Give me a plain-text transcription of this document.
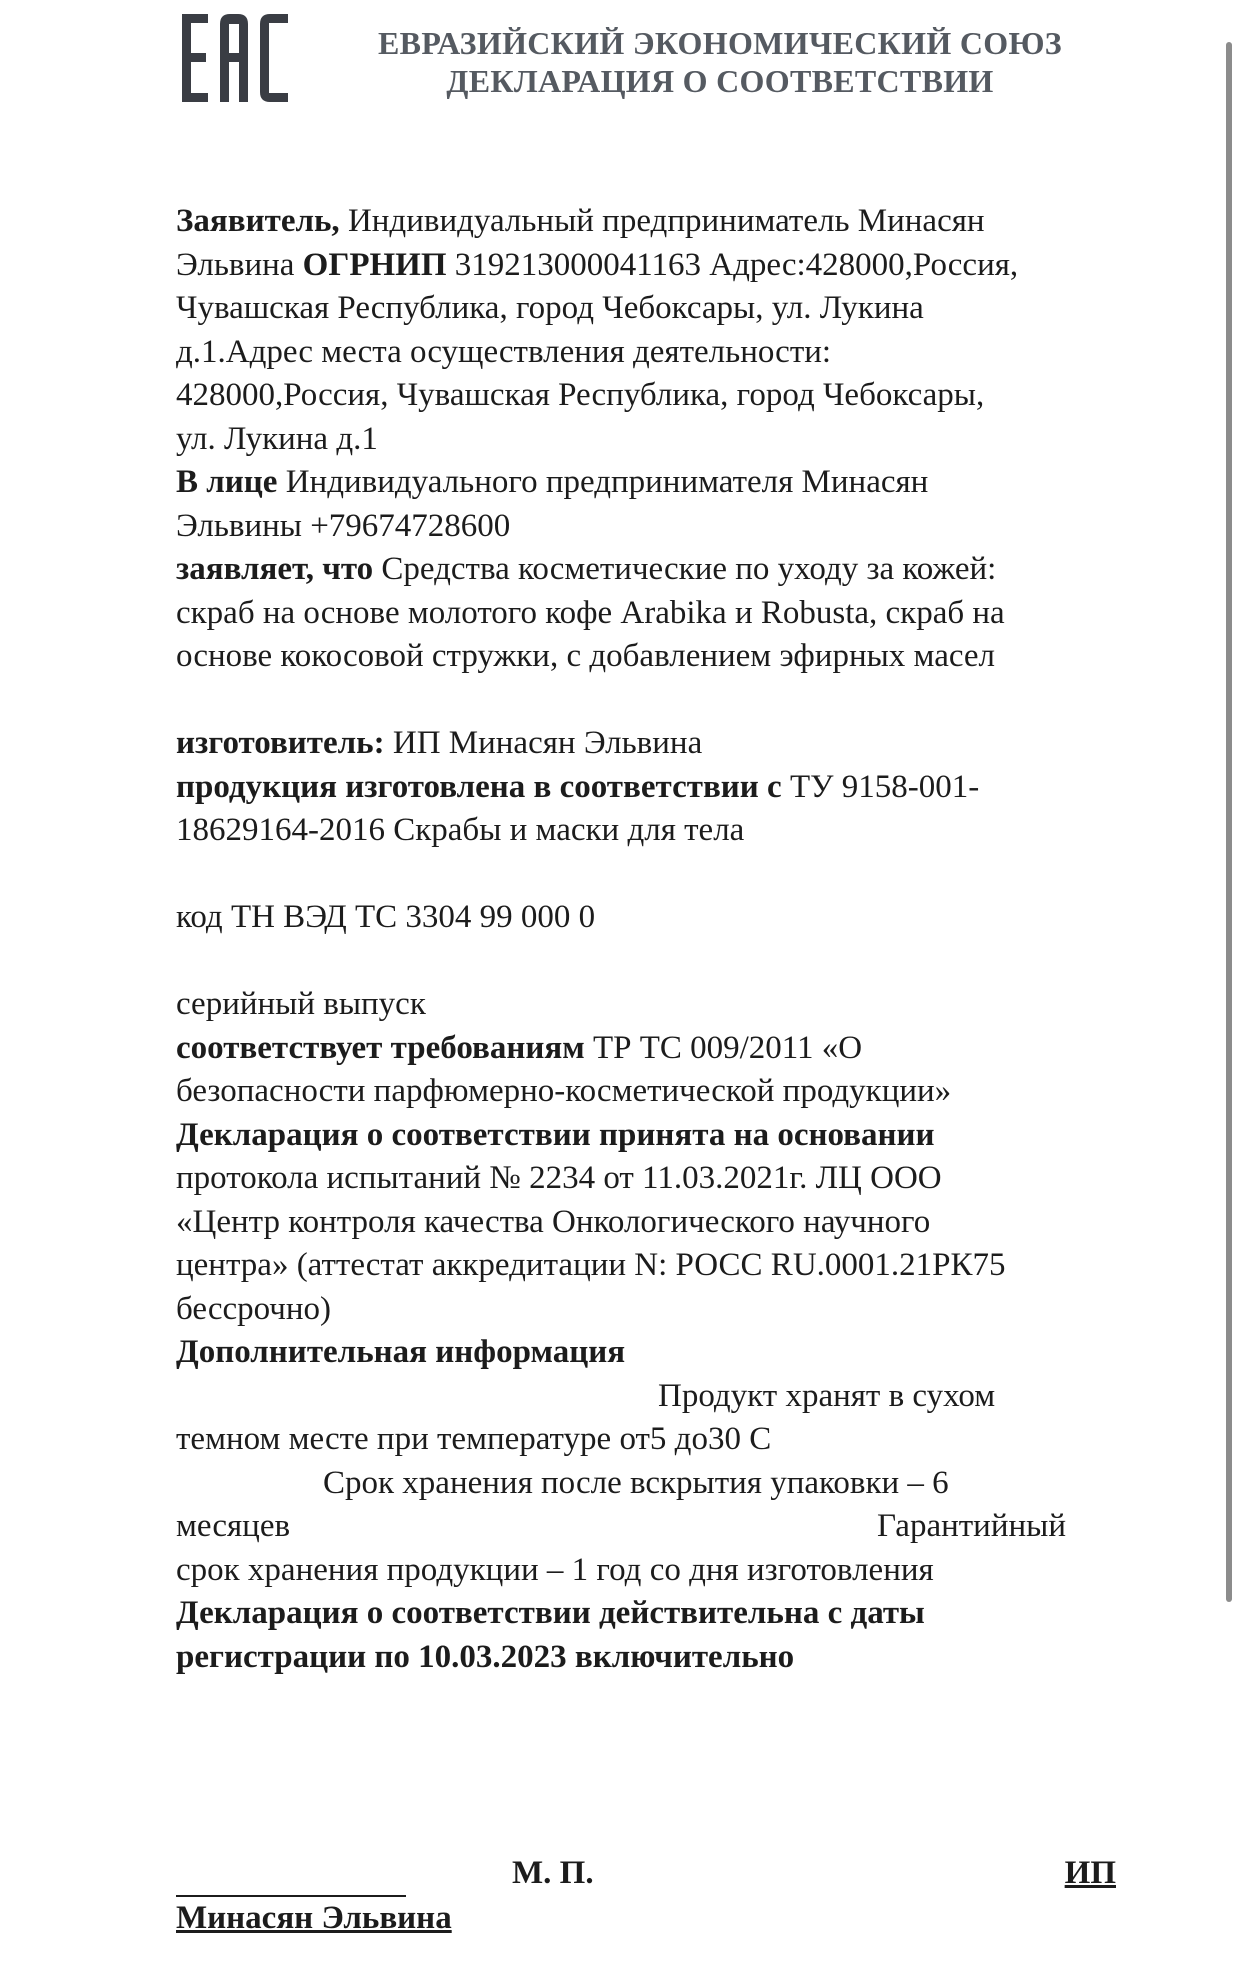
ЕВРАЗИЙСКИЙ ЭКОНОМИЧЕСКИЙ СОЮЗ
ДЕКЛАРАЦИЯ О СООТВЕТСТВИИ

Заявитель, Индивидуальный предприниматель Минасян

Эльвина ОГРНИП 319213000041163 Адрес:428000,Россия,

Чувашская Республика, город Чебоксары, ул. Лукина

д.1.Адрес места осуществления деятельности:

428000,Россия, Чувашская Республика, город Чебоксары,

ул. Лукина д.1

В лице Индивидуального предпринимателя Минасян

Эльвины +79674728600

заявляет, что Средства косметические по уходу за кожей:

скраб на основе молотого кофе Arabika и Robusta, скраб на

основе кокосовой стружки, с добавлением эфирных масел

изготовитель: ИП Минасян Эльвина

продукция изготовлена в соответствии с ТУ 9158-001-

18629164-2016 Скрабы и маски для тела

код ТН ВЭД ТС 3304 99 000 0

серийный выпуск

соответствует требованиям ТР ТС 009/2011 «О

безопасности парфюмерно-косметической продукции»

Декларация о соответствии принята на основании

протокола испытаний № 2234 от 11.03.2021г. ЛЦ ООО

«Центр контроля качества Онкологического научного

центра» (аттестат аккредитации N: РОСС RU.0001.21РК75

бессрочно)

Дополнительная информация

Продукт хранят в сухом

темном месте при температуре от5 до30 С

Срок хранения после вскрытия упаковки – 6

месяцев	Гарантийный

срок хранения продукции – 1 год со дня изготовления

Декларация о соответствии действительна с даты

регистрации по 10.03.2023 включительно

М. П.	ИП
Минасян Эльвина
